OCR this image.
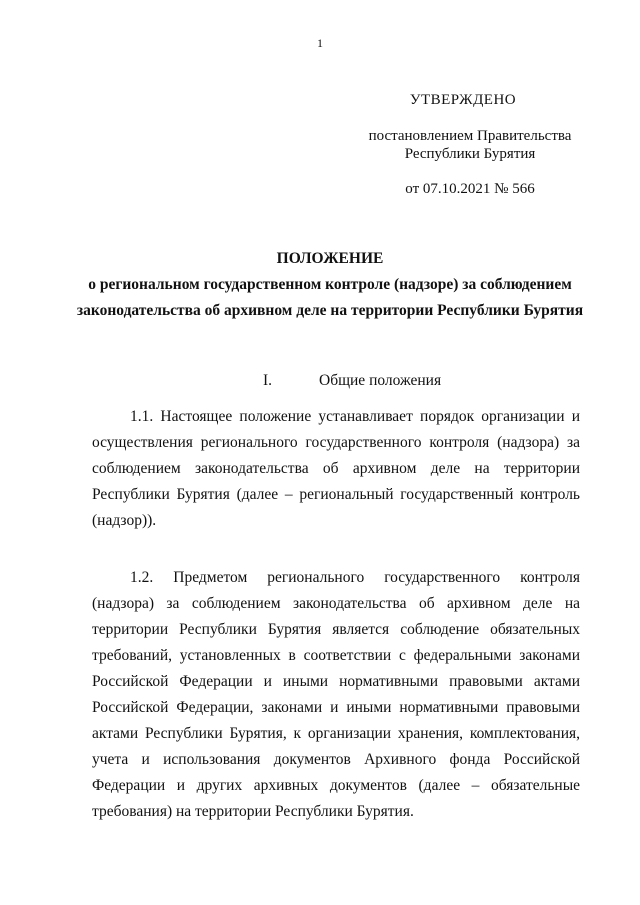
1
УТВЕРЖДЕНО
постановлением Правительства
Республики Бурятия
от 07.10.2021 № 566
ПОЛОЖЕНИЕ
о региональном государственном контроле (надзоре) за соблюдением законодательства об архивном деле на территории Республики Бурятия
I.	Общие положения

1.1. Настоящее положение устанавливает порядок организации и осуществления регионального государственного контроля (надзора) за соблюдением законодательства об архивном деле на территории Республики Бурятия (далее – региональный государственный контроль (надзор)).

1.2. Предметом регионального государственного контроля (надзора) за соблюдением законодательства об архивном деле на территории Республики Бурятия является соблюдение обязательных требований, установленных в соответствии с федеральными законами Российской Федерации и иными нормативными правовыми актами Российской Федерации, законами и иными нормативными правовыми актами Республики Бурятия, к организации хранения, комплектования, учета и использования документов Архивного фонда Российской Федерации и других архивных документов (далее – обязательные требования) на территории Республики Бурятия.
